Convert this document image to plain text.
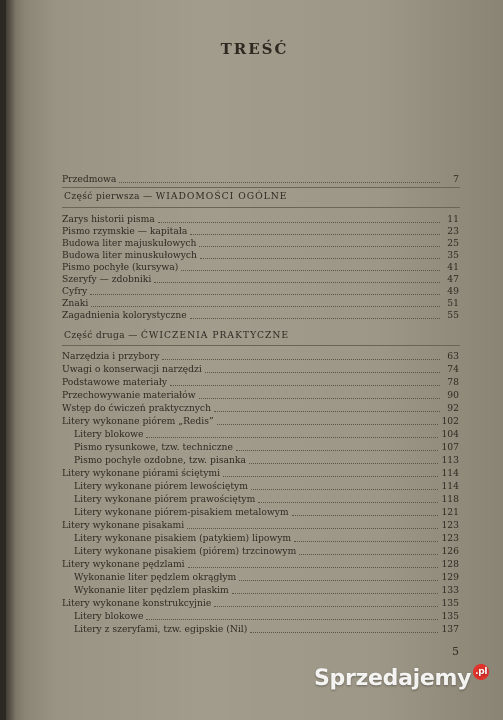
TREŚĆ
Przedmowa	7
Część pierwsza — WIADOMOŚCI OGÓLNE
Zarys historii pisma	11
Pismo rzymskie — kapitała	23
Budowa liter majuskułowych	25
Budowa liter minuskułowych	35
Pismo pochyłe (kursywa)	41
Szeryfy — zdobniki	47
Cyfry	49
Znaki	51
Zagadnienia kolorystyczne	55
Część druga — ĆWICZENIA PRAKTYCZNE
Narzędzia i przybory	63
Uwagi o konserwacji narzędzi	74
Podstawowe materiały	78
Przechowywanie materiałów	90
Wstęp do ćwiczeń praktycznych	92
Litery wykonane piórem „Redis”	102
Litery blokowe	104
Pismo rysunkowe, tzw. techniczne	107
Pismo pochyłe ozdobne, tzw. pisanka	113
Litery wykonane piórami ściętymi	114
Litery wykonane piórem lewościętym	114
Litery wykonane piórem prawościętym	118
Litery wykonane piórem-pisakiem metalowym	121
Litery wykonane pisakami	123
Litery wykonane pisakiem (patykiem) lipowym	123
Litery wykonane pisakiem (piórem) trzcinowym	126
Litery wykonane pędzlami	128
Wykonanie liter pędzlem okrągłym	129
Wykonanie liter pędzlem płaskim	133
Litery wykonane konstrukcyjnie	135
Litery blokowe	135
Litery z szeryfami, tzw. egipskie (Nil)	137
5
Sprzedajemy .pl
